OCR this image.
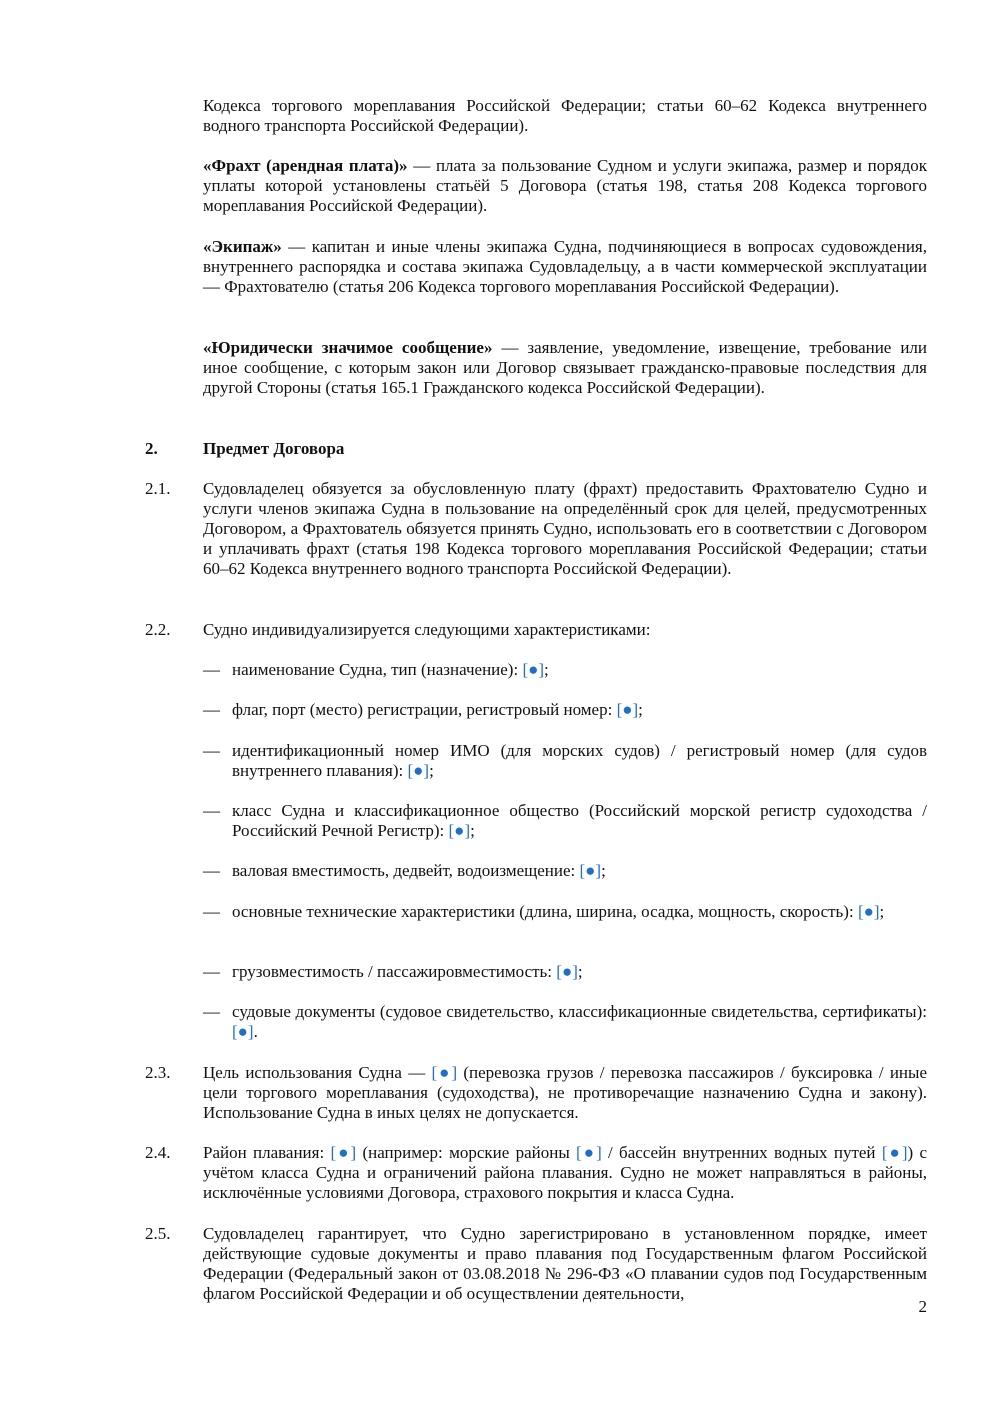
Кодекса торгового мореплавания Российской Федерации; статьи 60–62 Кодекса внутреннего водного транспорта Российской Федерации).

«Фрахт (арендная плата)» — плата за пользование Судном и услуги экипажа, размер и порядок уплаты которой установлены статьёй 5 Договора (статья 198, статья 208 Кодекса торгового мореплавания Российской Федерации).

«Экипаж» — капитан и иные члены экипажа Судна, подчиняющиеся в вопросах судовождения, внутреннего распорядка и состава экипажа Судовладельцу, а в части коммерческой эксплуатации — Фрахтователю (статья 206 Кодекса торгового мореплавания Российской Федерации).

«Юридически значимое сообщение» — заявление, уведомление, извещение, требование или иное сообщение, с которым закон или Договор связывает гражданско-правовые последствия для другой Стороны (статья 165.1 Гражданского кодекса Российской Федерации).

2.	Предмет Договора
2.1. Судовладелец обязуется за обусловленную плату (фрахт) предоставить Фрахтователю Судно и услуги членов экипажа Судна в пользование на определённый срок для целей, предусмотренных Договором, а Фрахтователь обязуется принять Судно, использовать его в соответствии с Договором и уплачивать фрахт (статья 198 Кодекса торгового мореплавания Российской Федерации; статьи 60–62 Кодекса внутреннего водного транспорта Российской Федерации).

2.2. Судно индивидуализируется следующими характеристиками:

— наименование Судна, тип (назначение): [●];

— флаг, порт (место) регистрации, регистровый номер: [●];

— идентификационный номер ИМО (для морских судов) / регистровый номер (для судов внутреннего плавания): [●];

— класс Судна и классификационное общество (Российский морской регистр судоходства / Российский Речной Регистр): [●];

— валовая вместимость, дедвейт, водоизмещение: [●];

— основные технические характеристики (длина, ширина, осадка, мощность, скорость): [●];

— грузовместимость / пассажировместимость: [●];

— судовые документы (судовое свидетельство, классификационные свидетельства, сертификаты): [●].

2.3. Цель использования Судна — [●] (перевозка грузов / перевозка пассажиров / буксировка / иные цели торгового мореплавания (судоходства), не противоречащие назначению Судна и закону). Использование Судна в иных целях не допускается.

2.4. Район плавания: [●] (например: морские районы [●] / бассейн внутренних водных путей [●]) с учётом класса Судна и ограничений района плавания. Судно не может направляться в районы, исключённые условиями Договора, страхового покрытия и класса Судна.

2.5. Судовладелец гарантирует, что Судно зарегистрировано в установленном порядке, имеет действующие судовые документы и право плавания под Государственным флагом Российской Федерации (Федеральный закон от 03.08.2018 № 296-ФЗ «О плавании судов под Государственным флагом Российской Федерации и об осуществлении деятельности,

2
